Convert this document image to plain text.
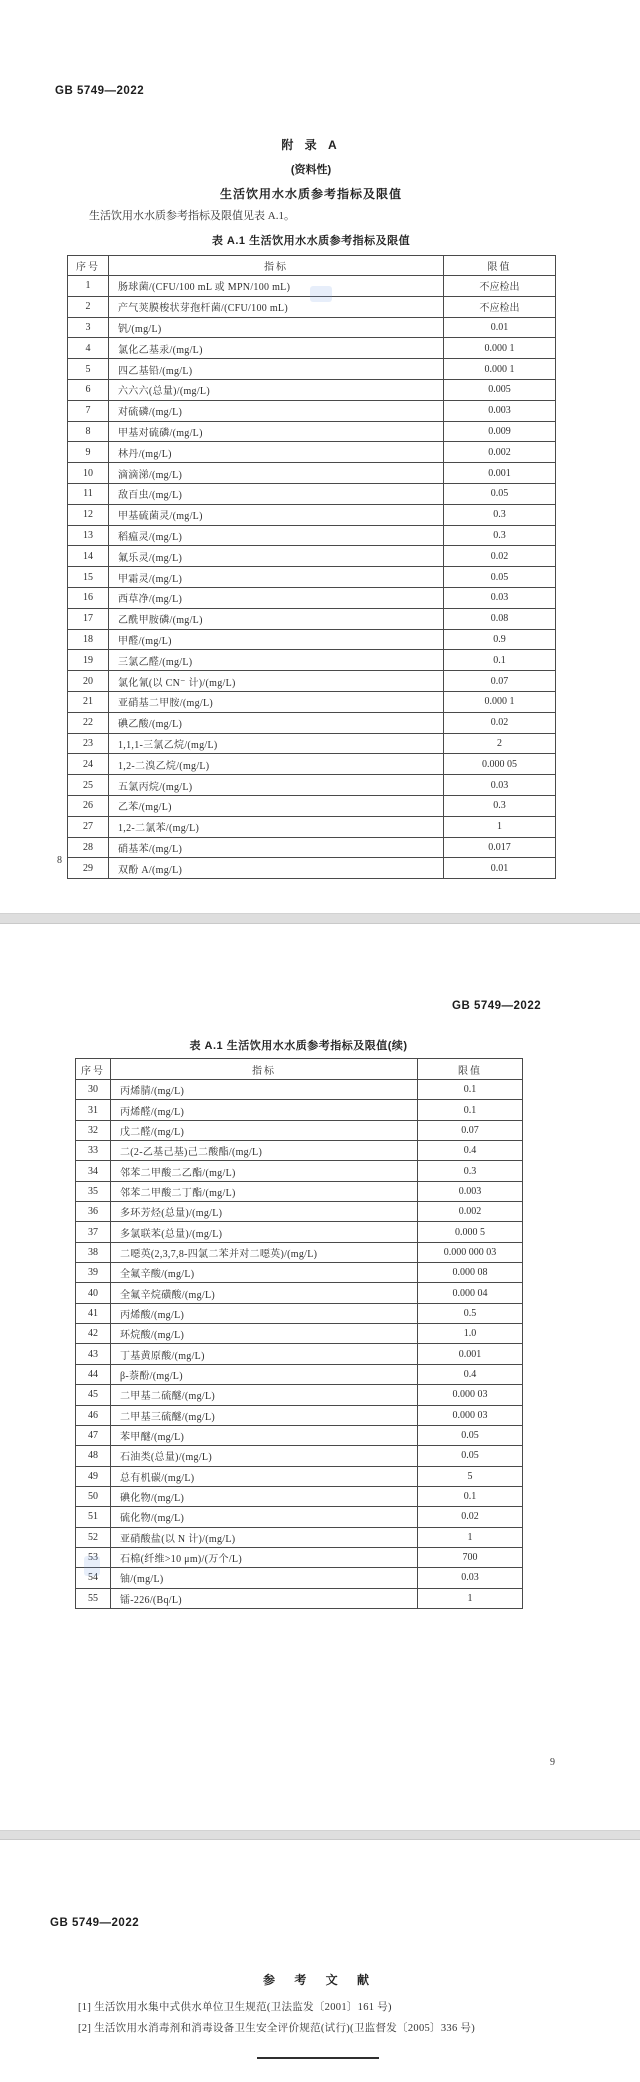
GB 5749—2022
附 录 A
(资料性)
生活饮用水水质参考指标及限值
生活饮用水水质参考指标及限值见表 A.1。
表 A.1 生活饮用水水质参考指标及限值
序号	指标	限值
1	肠球菌/(CFU/100 mL 或 MPN/100 mL)	不应检出
2	产气荚膜梭状芽孢杆菌/(CFU/100 mL)	不应检出
3	钒/(mg/L)	0.01
4	氯化乙基汞/(mg/L)	0.000 1
5	四乙基铅/(mg/L)	0.000 1
6	六六六(总量)/(mg/L)	0.005
7	对硫磷/(mg/L)	0.003
8	甲基对硫磷/(mg/L)	0.009
9	林丹/(mg/L)	0.002
10	滴滴涕/(mg/L)	0.001
11	敌百虫/(mg/L)	0.05
12	甲基硫菌灵/(mg/L)	0.3
13	稻瘟灵/(mg/L)	0.3
14	氟乐灵/(mg/L)	0.02
15	甲霜灵/(mg/L)	0.05
16	西草净/(mg/L)	0.03
17	乙酰甲胺磷/(mg/L)	0.08
18	甲醛/(mg/L)	0.9
19	三氯乙醛/(mg/L)	0.1
20	氯化氰(以 CN⁻ 计)/(mg/L)	0.07
21	亚硝基二甲胺/(mg/L)	0.000 1
22	碘乙酸/(mg/L)	0.02
23	1,1,1-三氯乙烷/(mg/L)	2
24	1,2-二溴乙烷/(mg/L)	0.000 05
25	五氯丙烷/(mg/L)	0.03
26	乙苯/(mg/L)	0.3
27	1,2-二氯苯/(mg/L)	1
28	硝基苯/(mg/L)	0.017
29	双酚 A/(mg/L)	0.01
8
GB 5749—2022
表 A.1 生活饮用水水质参考指标及限值(续)
序号	指标	限值
30	丙烯腈/(mg/L)	0.1
31	丙烯醛/(mg/L)	0.1
32	戊二醛/(mg/L)	0.07
33	二(2-乙基己基)己二酸酯/(mg/L)	0.4
34	邻苯二甲酸二乙酯/(mg/L)	0.3
35	邻苯二甲酸二丁酯/(mg/L)	0.003
36	多环芳烃(总量)/(mg/L)	0.002
37	多氯联苯(总量)/(mg/L)	0.000 5
38	二噁英(2,3,7,8-四氯二苯并对二噁英)/(mg/L)	0.000 000 03
39	全氟辛酸/(mg/L)	0.000 08
40	全氟辛烷磺酸/(mg/L)	0.000 04
41	丙烯酸/(mg/L)	0.5
42	环烷酸/(mg/L)	1.0
43	丁基黄原酸/(mg/L)	0.001
44	β-萘酚/(mg/L)	0.4
45	二甲基二硫醚/(mg/L)	0.000 03
46	二甲基三硫醚/(mg/L)	0.000 03
47	苯甲醚/(mg/L)	0.05
48	石油类(总量)/(mg/L)	0.05
49	总有机碳/(mg/L)	5
50	碘化物/(mg/L)	0.1
51	硫化物/(mg/L)	0.02
52	亚硝酸盐(以 N 计)/(mg/L)	1
53	石棉(纤维>10 μm)/(万个/L)	700
54	铀/(mg/L)	0.03
55	镭-226/(Bq/L)	1
9
GB 5749—2022
参 考 文 献
[1] 生活饮用水集中式供水单位卫生规范(卫法监发〔2001〕161 号)
[2] 生活饮用水消毒剂和消毒设备卫生安全评价规范(试行)(卫监督发〔2005〕336 号)
